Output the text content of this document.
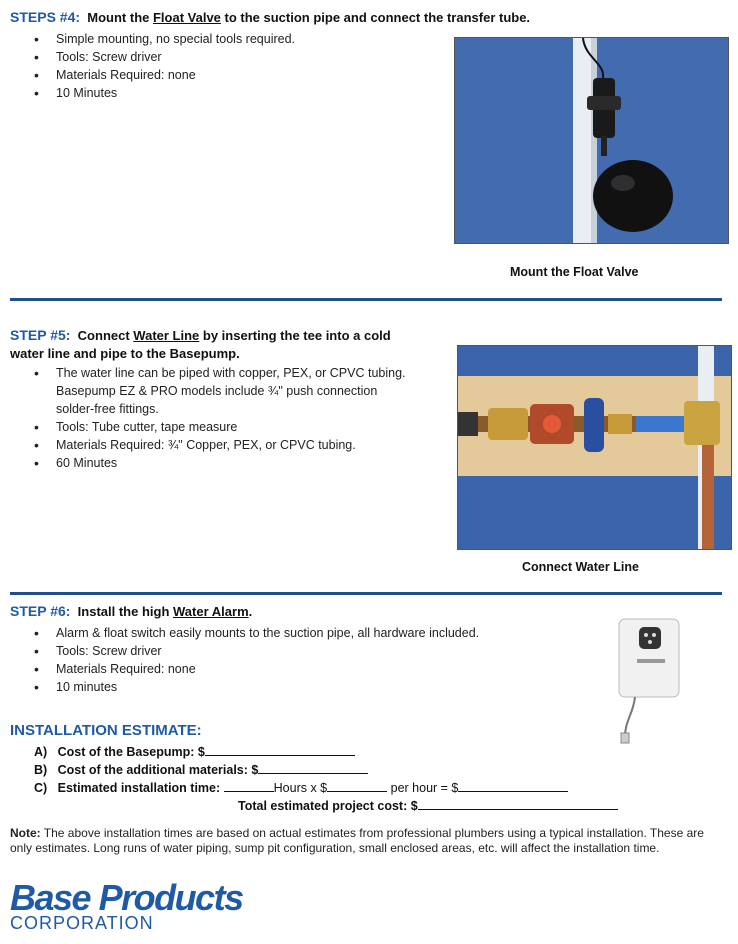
STEPS #4: Mount the Float Valve to the suction pipe and connect the transfer tube.
• Simple mounting, no special tools required.
• Tools: Screw driver
• Materials Required: none
• 10 Minutes
Mount the Float Valve
STEP #5: Connect Water Line by inserting the tee into a cold
water line and pipe to the Basepump.
• The water line can be piped with copper, PEX, or CPVC tubing. Basepump EZ & PRO models include ¾" push connection solder-free fittings.
• Tools: Tube cutter, tape measure
• Materials Required: ¾" Copper, PEX, or CPVC tubing.
• 60 Minutes
Connect Water Line
STEP #6: Install the high Water Alarm.
• Alarm & float switch easily mounts to the suction pipe, all hardware included.
• Tools: Screw driver
• Materials Required: none
• 10 minutes
INSTALLATION ESTIMATE:
A) Cost of the Basepump: $
B) Cost of the additional materials: $
C) Estimated installation time:	Hours x $	per hour = $
Total estimated project cost: $
Note: The above installation times are based on actual estimates from professional plumbers using a typical installation. These are only estimates. Long runs of water piping, sump pit configuration, small enclosed areas, etc. will affect the installation time.
Base Products
CORPORATION
